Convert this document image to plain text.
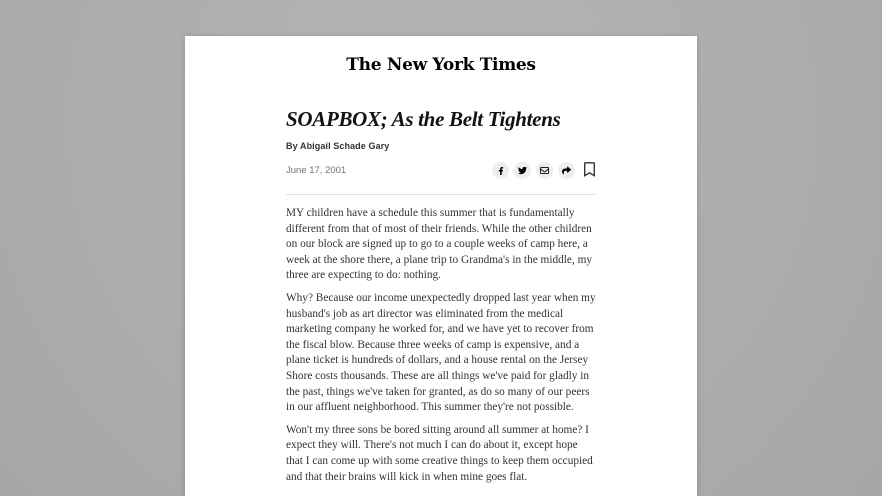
The New York Times
SOAPBOX; As the Belt Tightens
By Abigail Schade Gary
June 17, 2001

MY children have a schedule this summer that is fundamentally different from that of most of their friends. While the other children on our block are signed up to go to a couple weeks of camp here, a week at the shore there, a plane trip to Grandma's in the middle, my three are expecting to do: nothing.

Why? Because our income unexpectedly dropped last year when my husband's job as art director was eliminated from the medical marketing company he worked for, and we have yet to recover from the fiscal blow. Because three weeks of camp is expensive, and a plane ticket is hundreds of dollars, and a house rental on the Jersey Shore costs thousands. These are all things we've paid for gladly in the past, things we've taken for granted, as do so many of our peers in our affluent neighborhood. This summer they're not possible.

Won't my three sons be bored sitting around all summer at home? I expect they will. There's not much I can do about it, except hope that I can come up with some creative things to keep them occupied and that their brains will kick in when mine goes flat.
